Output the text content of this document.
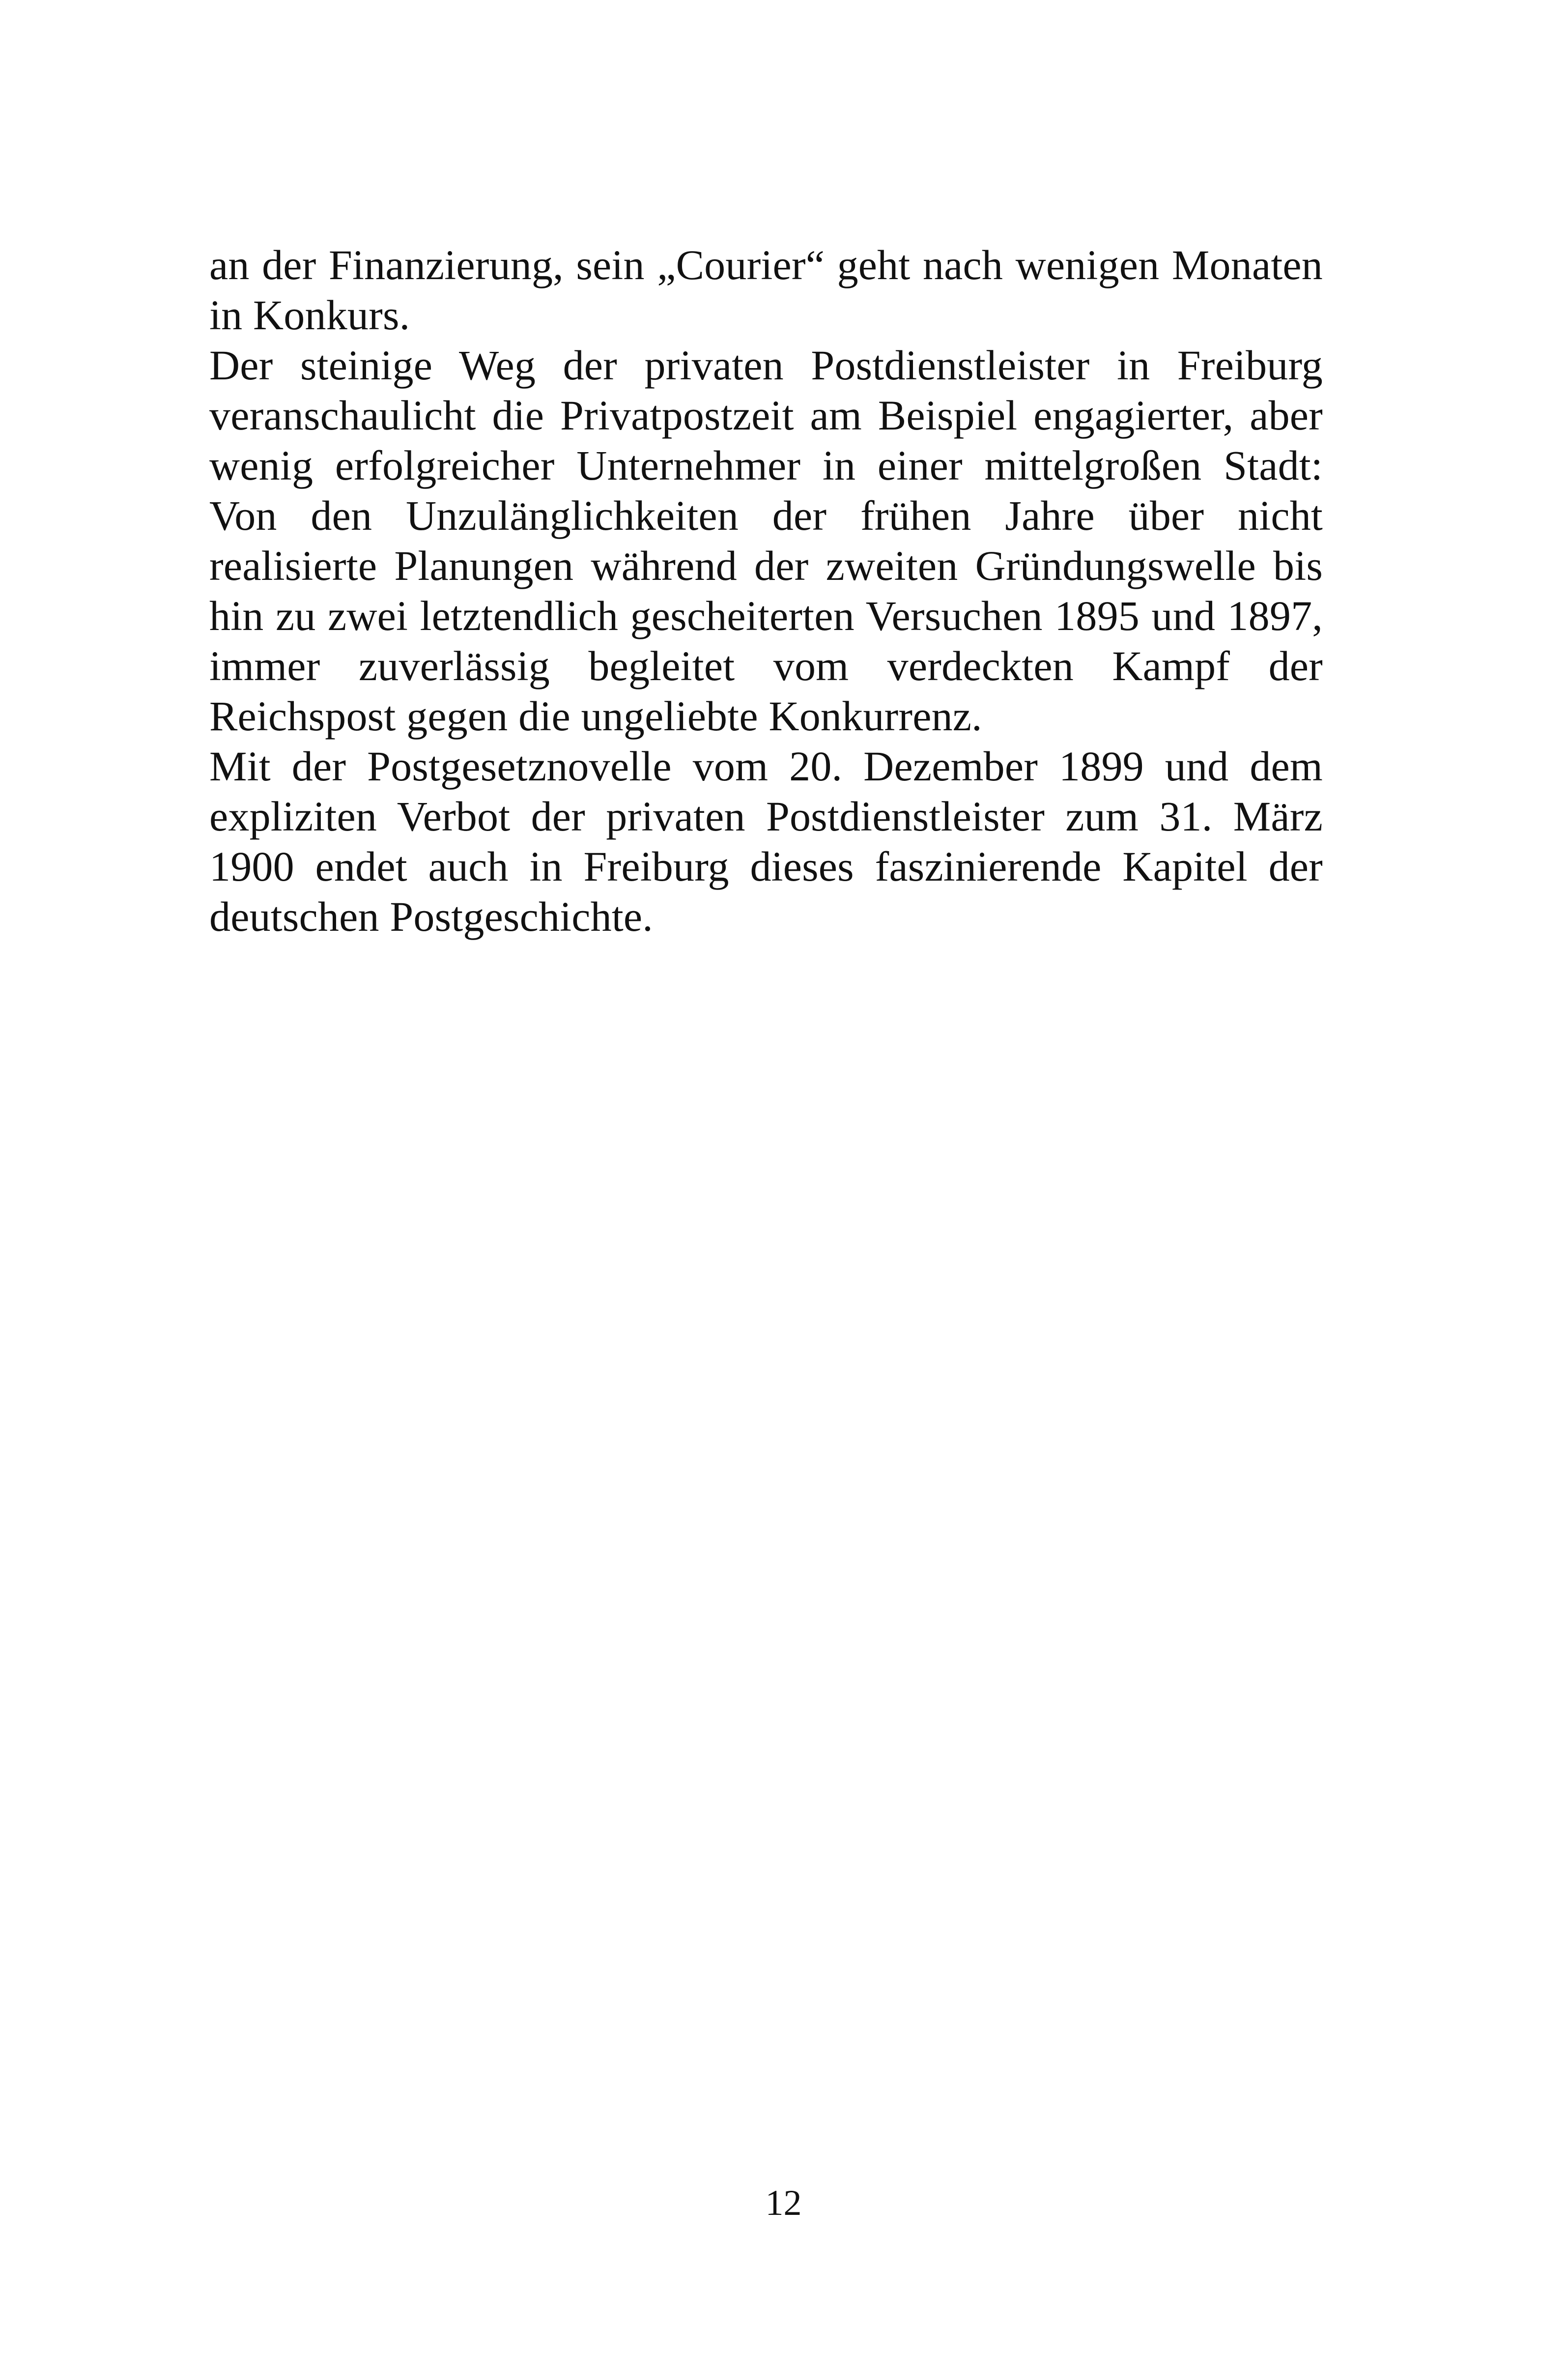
an der Finanzierung, sein „Courier“ geht nach wenigen Monaten in Konkurs.

Der steinige Weg der privaten Postdienstleister in Freiburg veranschaulicht die Privatpostzeit am Beispiel engagierter, aber wenig erfolgreicher Unternehmer in einer mittelgroßen Stadt: Von den Unzulänglichkeiten der frühen Jahre über nicht realisierte Planungen während der zweiten Gründungswelle bis hin zu zwei letztendlich gescheiterten Versuchen 1895 und 1897, immer zuverlässig begleitet vom verdeckten Kampf der Reichspost gegen die ungeliebte Konkurrenz.

Mit der Postgesetznovelle vom 20. Dezember 1899 und dem expliziten Verbot der privaten Postdienstleister zum 31. März 1900 endet auch in Freiburg dieses faszinierende Kapitel der deutschen Postgeschichte.

12
